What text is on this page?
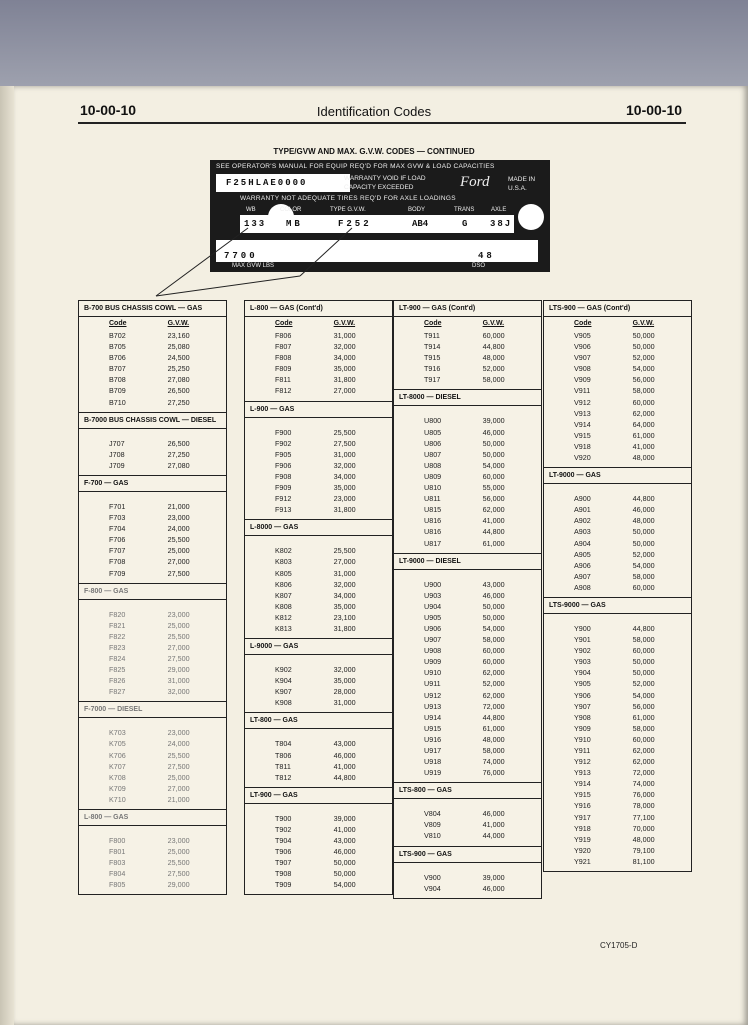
10-00-10	Identification Codes	10-00-10
TYPE/GVW AND MAX. G.V.W. CODES — CONTINUED
SEE OPERATOR'S MANUAL FOR EQUIP REQ'D FOR MAX GVW & LOAD CAPACITIES
F25HLAE0000	WARRANTY VOID IF LOAD CAPACITY EXCEEDED	Ford	MADE IN U.S.A.
WARRANTY NOT ADEQUATE TIRES REQ'D FOR AXLE LOADINGS
WB	COLOR	TYPE G.V.W.	BODY	TRANS	AXLE
133 MB	F252	AB4	G	38J
7700	48
MAX GVW LBS	DSO
B-700 BUS CHASSIS COWL — GAS
Code	G.V.W.
B702	23,160
B705	25,080
B706	24,500
B707	25,250
B708	27,080
B709	26,500
B710	27,250
B-7000 BUS CHASSIS COWL — DIESEL
J707	26,500
J708	27,250
J709	27,080
F-700 — GAS
F701	21,000
F703	23,000
F704	24,000
F706	25,500
F707	25,000
F708	27,000
F709	27,500
F-800 — GAS
F820	23,000
F821	25,000
F822	25,500
F823	27,000
F824	27,500
F825	29,000
F826	31,000
F827	32,000
F-7000 — DIESEL
K703	23,000
K705	24,000
K706	25,500
K707	27,500
K708	25,000
K709	27,000
K710	21,000
L-800 — GAS
F800	23,000
F801	25,000
F803	25,500
F804	27,500
F805	29,000
L-800 — GAS (Cont'd)
Code	G.V.W.
F806	31,000
F807	32,000
F808	34,000
F809	35,000
F811	31,800
F812	27,000
L-900 — GAS
F900	25,500
F902	27,500
F905	31,000
F906	32,000
F908	34,000
F909	35,000
F912	23,000
F913	31,800
L-8000 — GAS
K802	25,500
K803	27,000
K805	31,000
K806	32,000
K807	34,000
K808	35,000
K812	23,100
K813	31,800
L-9000 — GAS
K902	32,000
K904	35,000
K907	28,000
K908	31,000
LT-800 — GAS
T804	43,000
T806	46,000
T811	41,000
T812	44,800
LT-900 — GAS
T900	39,000
T902	41,000
T904	43,000
T906	46,000
T907	50,000
T908	50,000
T909	54,000
LT-900 — GAS (Cont'd)
Code	G.V.W.
T911	60,000
T914	44,800
T915	48,000
T916	52,000
T917	58,000
LT-8000 — DIESEL
U800	39,000
U805	46,000
U806	50,000
U807	50,000
U808	54,000
U809	60,000
U810	55,000
U811	56,000
U815	62,000
U816	41,000
U816	44,800
U817	61,000
LT-9000 — DIESEL
U900	43,000
U903	46,000
U904	50,000
U905	50,000
U906	54,000
U907	58,000
U908	60,000
U909	60,000
U910	62,000
U911	52,000
U912	62,000
U913	72,000
U914	44,800
U915	61,000
U916	48,000
U917	58,000
U918	74,000
U919	76,000
LTS-800 — GAS
V804	46,000
V809	41,000
V810	44,000
LTS-900 — GAS
V900	39,000
V904	46,000
LTS-900 — GAS (Cont'd)
Code	G.V.W.
V905	50,000
V906	50,000
V907	52,000
V908	54,000
V909	56,000
V911	58,000
V912	60,000
V913	62,000
V914	64,000
V915	61,000
V918	41,000
V920	48,000
LT-9000 — GAS
A900	44,800
A901	46,000
A902	48,000
A903	50,000
A904	50,000
A905	52,000
A906	54,000
A907	58,000
A908	60,000
LTS-9000 — GAS
Y900	44,800
Y901	58,000
Y902	60,000
Y903	50,000
Y904	50,000
Y905	52,000
Y906	54,000
Y907	56,000
Y908	61,000
Y909	58,000
Y910	60,000
Y911	62,000
Y912	62,000
Y913	72,000
Y914	74,000
Y915	76,000
Y916	78,000
Y917	77,100
Y918	70,000
Y919	48,000
Y920	79,100
Y921	81,100
CY1705-D
